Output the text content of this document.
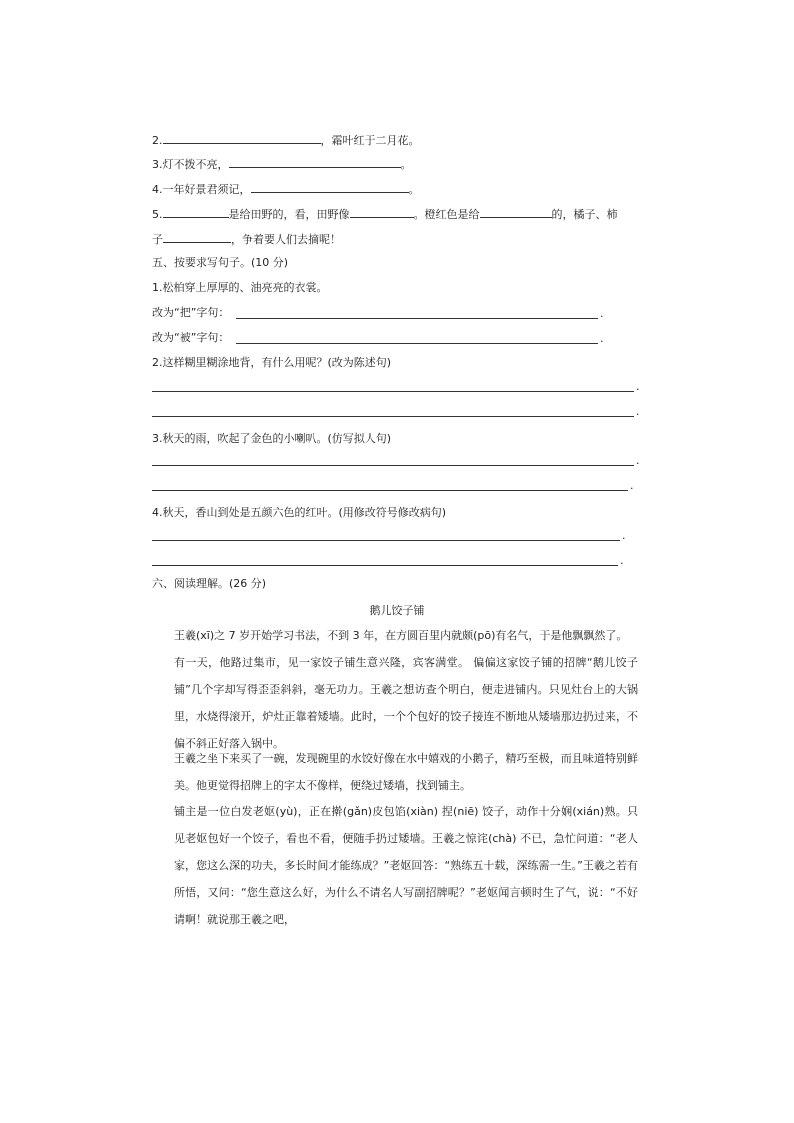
2.	，霜叶红于二月花。
3.灯不拨不亮，	。
4.一年好景君须记，	。
5.	是给田野的，看，田野像	。橙红色是给	的，橘子、柿
子	，争着要人们去摘呢！
五、按要求写句子。(10 分)
1.松柏穿上厚厚的、油亮亮的衣裳。
改为“把”字句：	.
改为“被”字句：	.
2.这样糊里糊涂地背，有什么用呢？(改为陈述句)
.
.
3.秋天的雨，吹起了金色的小喇叭。(仿写拟人句)
.
.
4.秋天，香山到处是五颜六色的红叶。(用修改符号修改病句)
.
.
六、阅读理解。(26 分)
鹅儿饺子铺
王羲(xī)之 7 岁开始学习书法，不到 3 年，在方圆百里内就颇(pō)有名气，于是他飘飘然了。
有一天，他路过集市，见一家饺子铺生意兴隆，宾客满堂。 偏偏这家饺子铺的招牌“鹅儿饺子铺”几个字却写得歪歪斜斜，毫无功力。王羲之想访查个明白，便走进铺内。只见灶台上的大锅里，水烧得滚开，炉灶正靠着矮墙。此时，一个个包好的饺子接连不断地从矮墙那边扔过来，不偏不斜正好落入锅中。
王羲之坐下来买了一碗，发现碗里的水饺好像在水中嬉戏的小鹅子，精巧至极，而且味道特别鲜美。他更觉得招牌上的字太不像样，便绕过矮墙，找到铺主。
铺主是一位白发老妪(yù)，正在擀(gǎn)皮包馅(xiàn) 捏(niē) 饺子，动作十分娴(xián)熟。只见老妪包好一个饺子，看也不看，便随手扔过矮墙。王羲之惊诧(chà) 不已，急忙问道：“老人家，您这么深的功夫，多长时间才能练成？”老妪回答：“熟练五十载，深练需一生。”王羲之若有所悟，又问：“您生意这么好，为什么不请名人写副招牌呢？”老妪闻言顿时生了气，说：“不好请啊！就说那王羲之吧，
